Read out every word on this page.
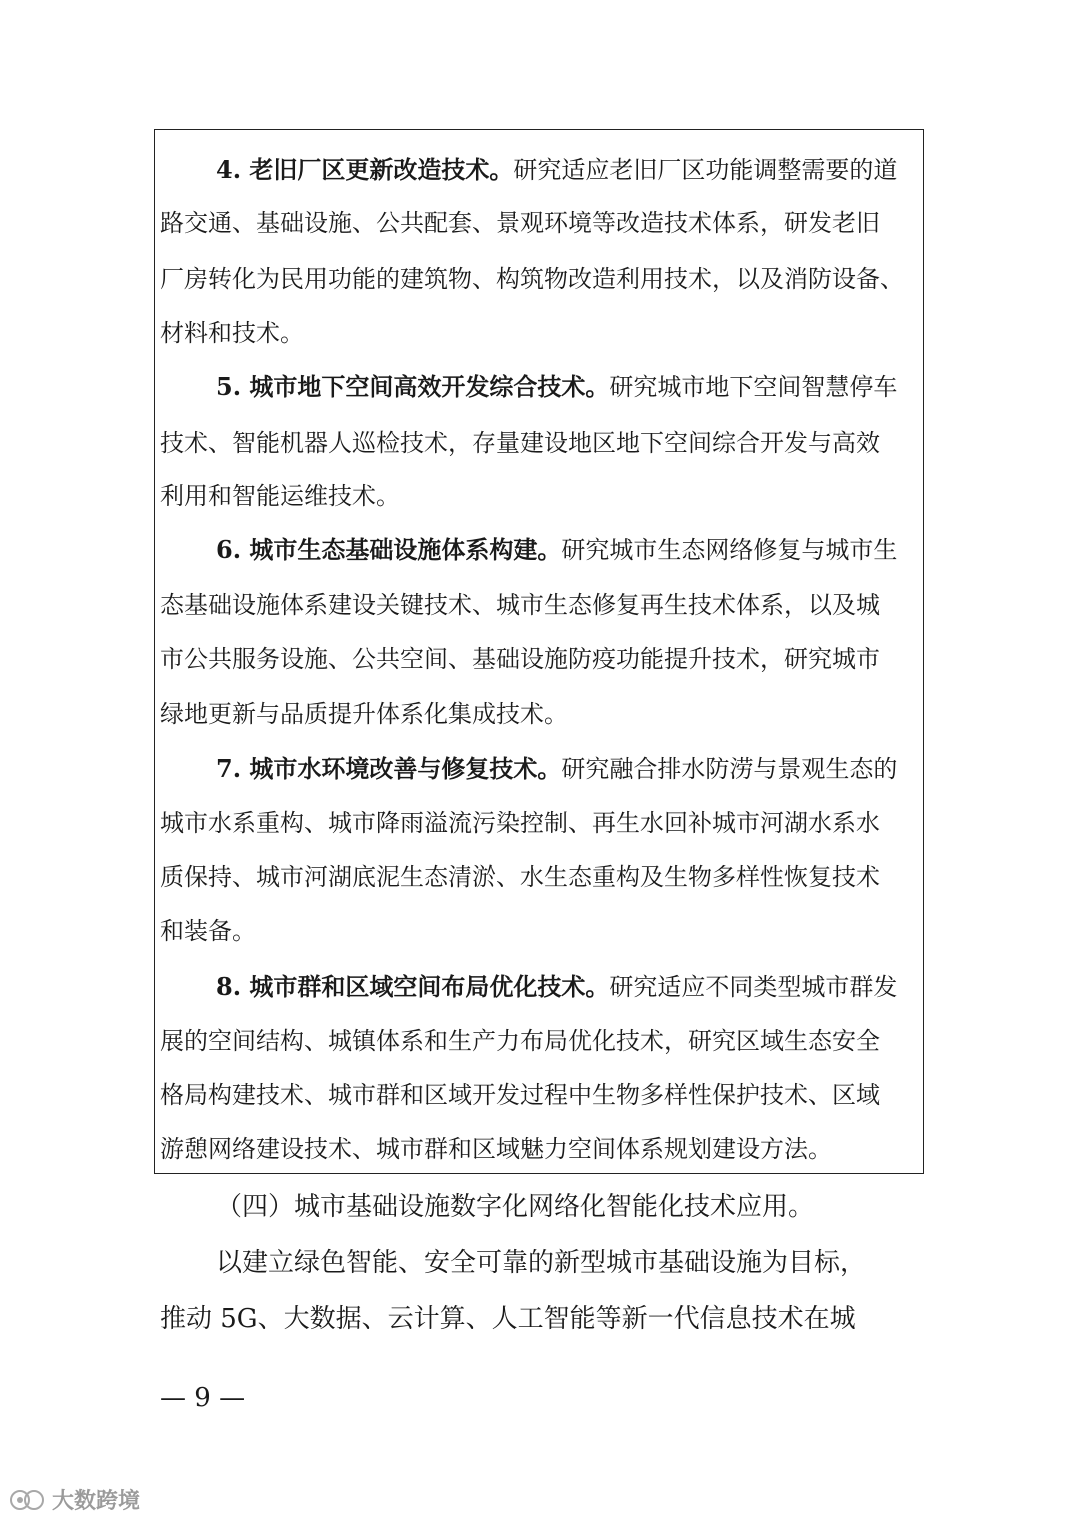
4. 老旧厂区更新改造技术。 研究适应老旧厂区功能调整需要的道
路交通、基础设施、公共配套、景观环境等改造技术体系，研发老旧
厂房转化为民用功能的建筑物、构筑物改造利用技术，以及消防设备、
材料和技术。
5. 城市地下空间高效开发综合技术。研究城市地下空间智慧停车
技术、智能机器人巡检技术，存量建设地区地下空间综合开发与高效
利用和智能运维技术。
6. 城市生态基础设施体系构建。研究城市生态网络修复与城市生
态基础设施体系建设关键技术、城市生态修复再生技术体系，以及城
市公共服务设施、公共空间、基础设施防疫功能提升技术，研究城市
绿地更新与品质提升体系化集成技术。
7. 城市水环境改善与修复技术。研究融合排水防涝与景观生态的
城市水系重构、城市降雨溢流污染控制、再生水回补城市河湖水系水
质保持、城市河湖底泥生态清淤、水生态重构及生物多样性恢复技术
和装备。
8. 城市群和区域空间布局优化技术。研究适应不同类型城市群发
展的空间结构、城镇体系和生产力布局优化技术，研究区域生态安全
格局构建技术、城市群和区域开发过程中生物多样性保护技术、区域
游憩网络建设技术、城市群和区域魅力空间体系规划建设方法。
（四）城市基础设施数字化网络化智能化技术应用。
以建立绿色智能、安全可靠的新型城市基础设施为目标，
推动 5G、大数据、云计算、人工智能等新一代信息技术在城
— 9 —
大数跨境
